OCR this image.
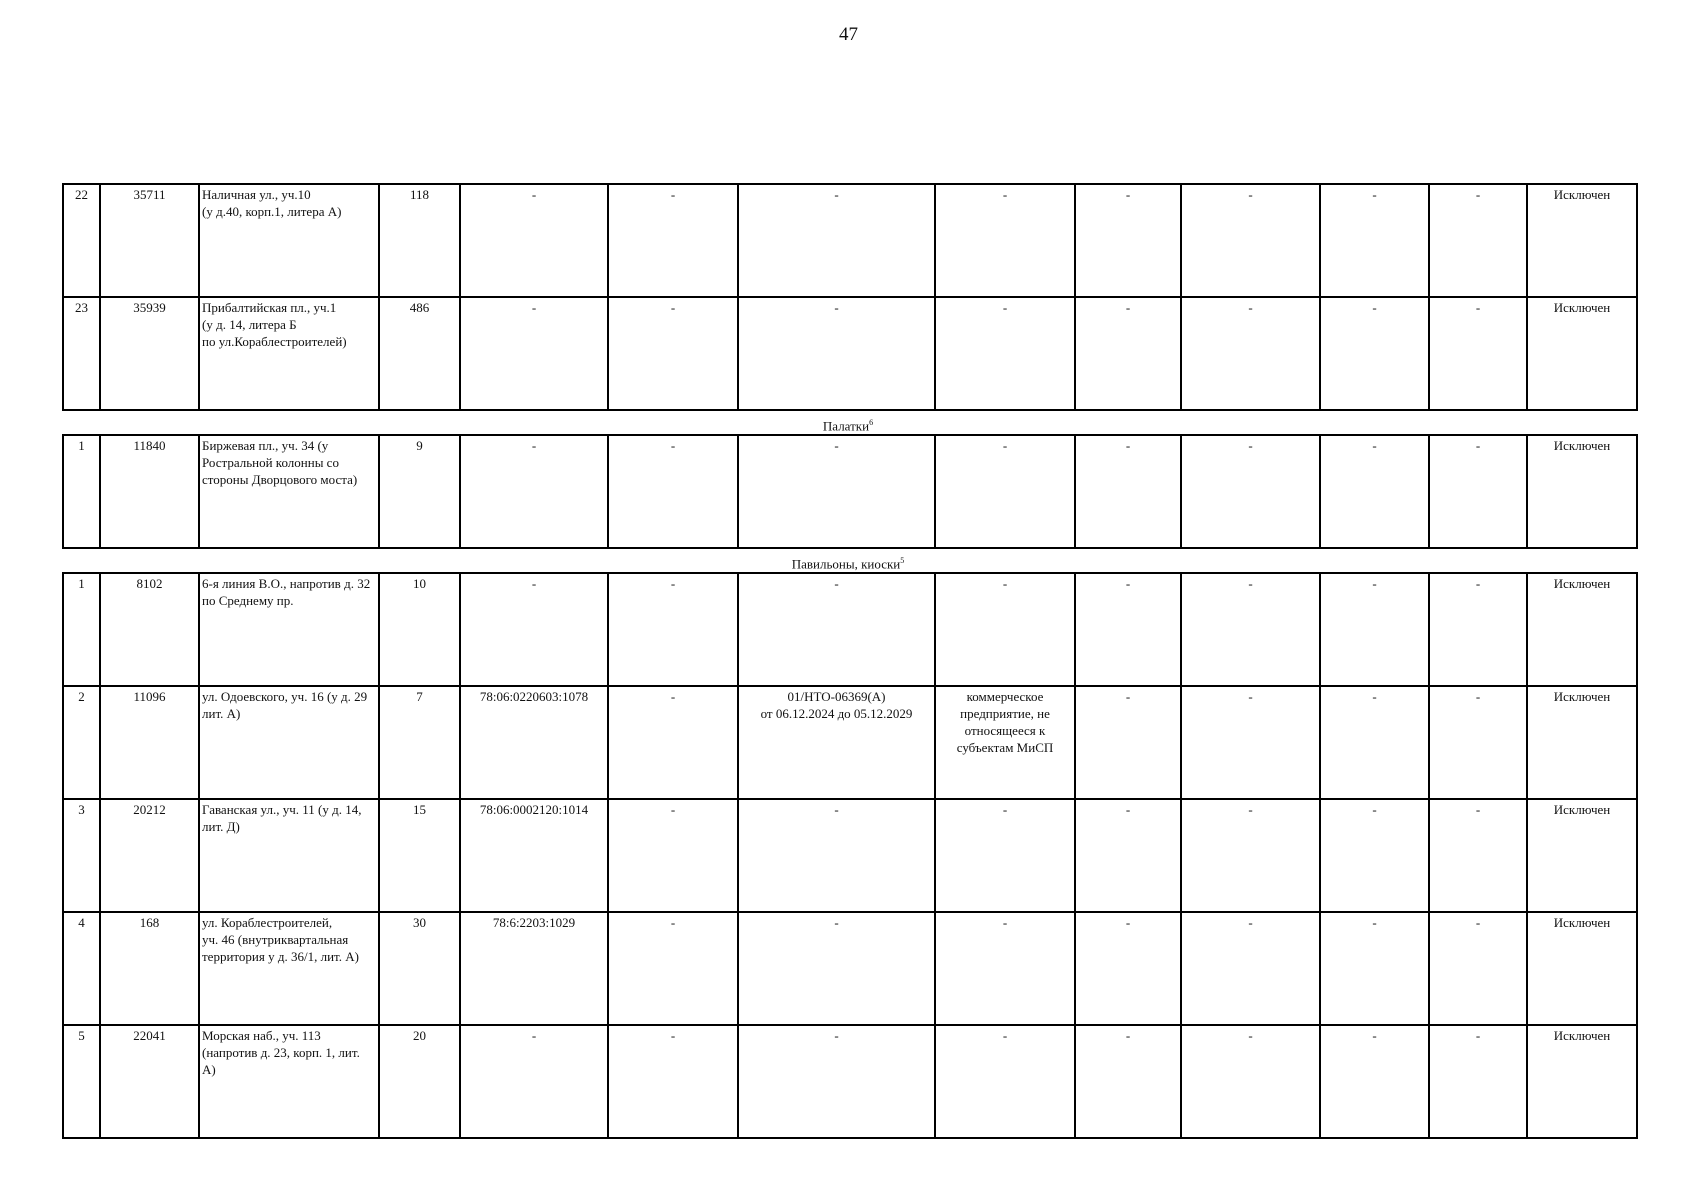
47
22	35711	Наличная ул., уч.10
(у д.40, корп.1, литера А)	118	-	-	-	-	-	-	-	-	Исключен
23	35939	Прибалтийская пл., уч.1
(у д. 14, литера Б
по ул.Кораблестроителей)	486	-	-	-	-	-	-	-	-	Исключен
Палатки$^6$
1	11840	Биржевая пл., уч. 34 (у
Ростральной колонны со
стороны Дворцового моста)	9	-	-	-	-	-	-	-	-	Исключен
Павильоны, киоски$^5$
1	8102	6-я линия В.О., напротив д. 32
по Среднему пр.	10	-	-	-	-	-	-	-	-	Исключен
2	11096	ул. Одоевского, уч. 16 (у д. 29
лит. А)	7	78:06:0220603:1078	-	01/НТО-06369(А)
от 06.12.2024 до 05.12.2029	коммерческое
предприятие, не
относящееся к
субъектам МиСП	-	-	-	-	Исключен
3	20212	Гаванская ул., уч. 11 (у д. 14,
лит. Д)	15	78:06:0002120:1014	-	-	-	-	-	-	-	Исключен
4	168	ул. Кораблестроителей,
уч. 46 (внутриквартальная
территория у д. 36/1, лит. А)	30	78:6:2203:1029	-	-	-	-	-	-	-	Исключен
5	22041	Морская наб., уч. 113
(напротив д. 23, корп. 1, лит.
А)	20	-	-	-	-	-	-	-	-	Исключен
